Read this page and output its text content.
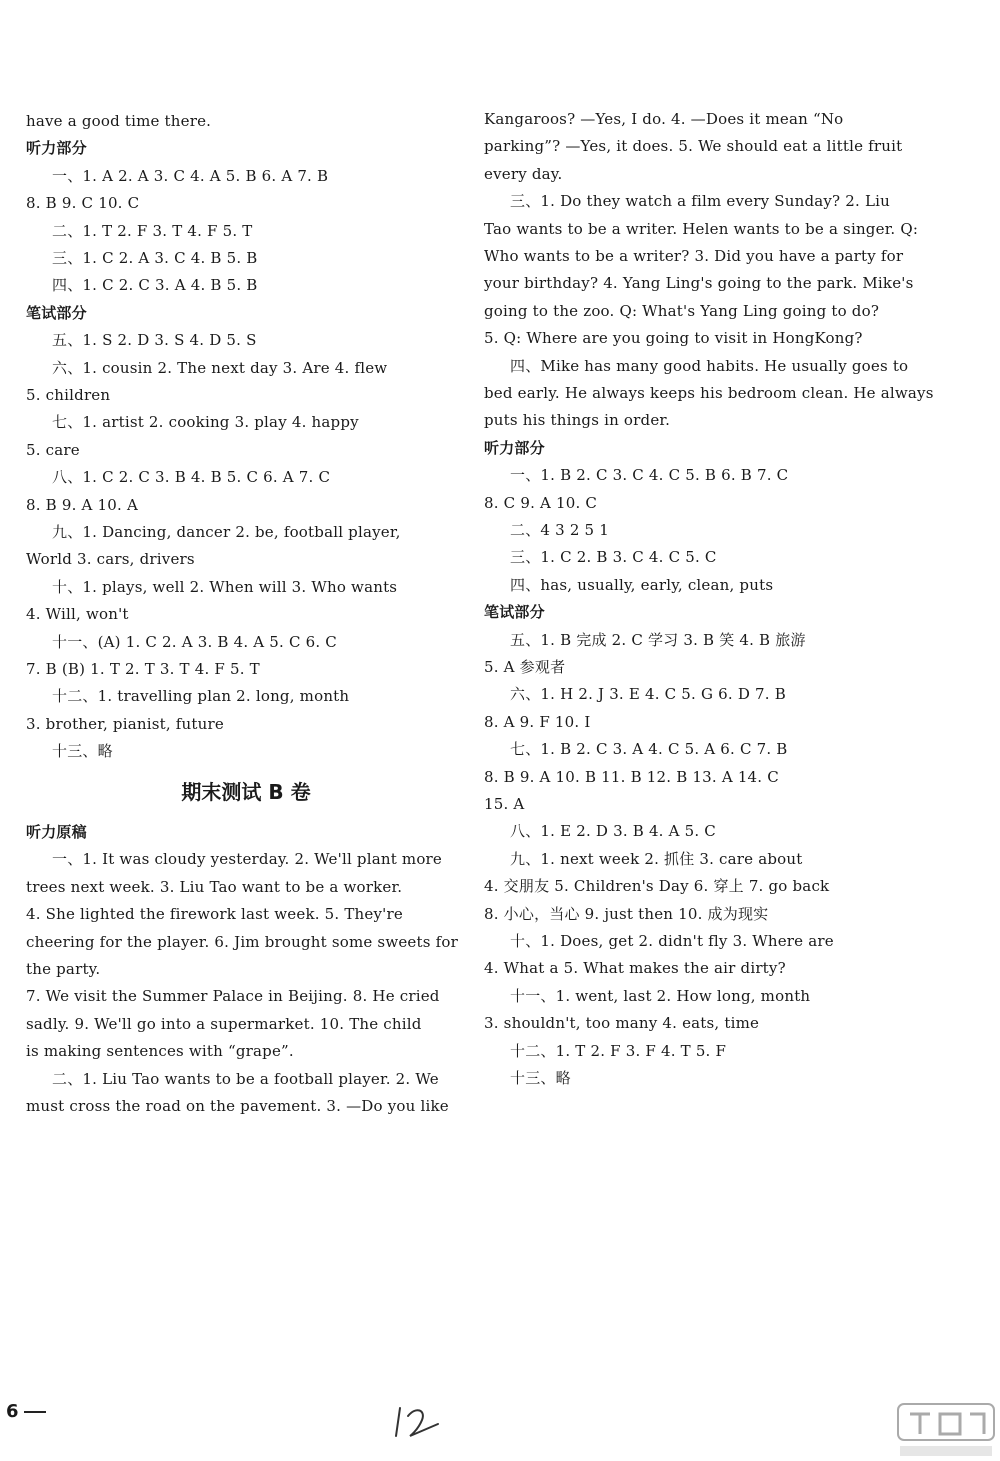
have a good time there.
听力部分
一、1. A 2. A 3. C 4. A 5. B 6. A 7. B
8. B 9. C 10. C
二、1. T 2. F 3. T 4. F 5. T
三、1. C 2. A 3. C 4. B 5. B
四、1. C 2. C 3. A 4. B 5. B
笔试部分
五、1. S 2. D 3. S 4. D 5. S
六、1. cousin 2. The next day 3. Are 4. flew
5. children
七、1. artist 2. cooking 3. play 4. happy
5. care
八、1. C 2. C 3. B 4. B 5. C 6. A 7. C
8. B 9. A 10. A
九、1. Dancing, dancer 2. be, football player,
World 3. cars, drivers
十、1. plays, well 2. When will 3. Who wants
4. Will, won't
十一、(A) 1. C 2. A 3. B 4. A 5. C 6. C
7. B (B) 1. T 2. T 3. T 4. F 5. T
十二、1. travelling plan 2. long, month
3. brother, pianist, future
十三、略
期末测试 B 卷
听力原稿
一、1. It was cloudy yesterday. 2. We'll plant more
trees next week. 3. Liu Tao want to be a worker.
4. She lighted the firework last week. 5. They're
cheering for the player. 6. Jim brought some sweets for
the party.
7. We visit the Summer Palace in Beijing. 8. He cried
sadly. 9. We'll go into a supermarket. 10. The child
is making sentences with “grape”.
二、1. Liu Tao wants to be a football player. 2. We
must cross the road on the pavement. 3. —Do you like
Kangaroos? —Yes, I do. 4. —Does it mean “No
parking”? —Yes, it does. 5. We should eat a little fruit
every day.
三、1. Do they watch a film every Sunday? 2. Liu
Tao wants to be a writer. Helen wants to be a singer. Q:
Who wants to be a writer? 3. Did you have a party for
your birthday? 4. Yang Ling's going to the park. Mike's
going to the zoo. Q: What's Yang Ling going to do?
5. Q: Where are you going to visit in HongKong?
四、Mike has many good habits. He usually goes to
bed early. He always keeps his bedroom clean. He always
puts his things in order.
听力部分
一、1. B 2. C 3. C 4. C 5. B 6. B 7. C
8. C 9. A 10. C
二、4 3 2 5 1
三、1. C 2. B 3. C 4. C 5. C
四、has, usually, early, clean, puts
笔试部分
五、1. B 完成 2. C 学习 3. B 笑 4. B 旅游
5. A 参观者
六、1. H 2. J 3. E 4. C 5. G 6. D 7. B
8. A 9. F 10. I
七、1. B 2. C 3. A 4. C 5. A 6. C 7. B
8. B 9. A 10. B 11. B 12. B 13. A 14. C
15. A
八、1. E 2. D 3. B 4. A 5. C
九、1. next week 2. 抓住 3. care about
4. 交朋友 5. Children's Day 6. 穿上 7. go back
8. 小心，当心 9. just then 10. 成为现实
十、1. Does, get 2. didn't fly 3. Where are
4. What a 5. What makes the air dirty?
十一、1. went, last 2. How long, month
3. shouldn't, too many 4. eats, time
十二、1. T 2. F 3. F 4. T 5. F
十三、略
6
